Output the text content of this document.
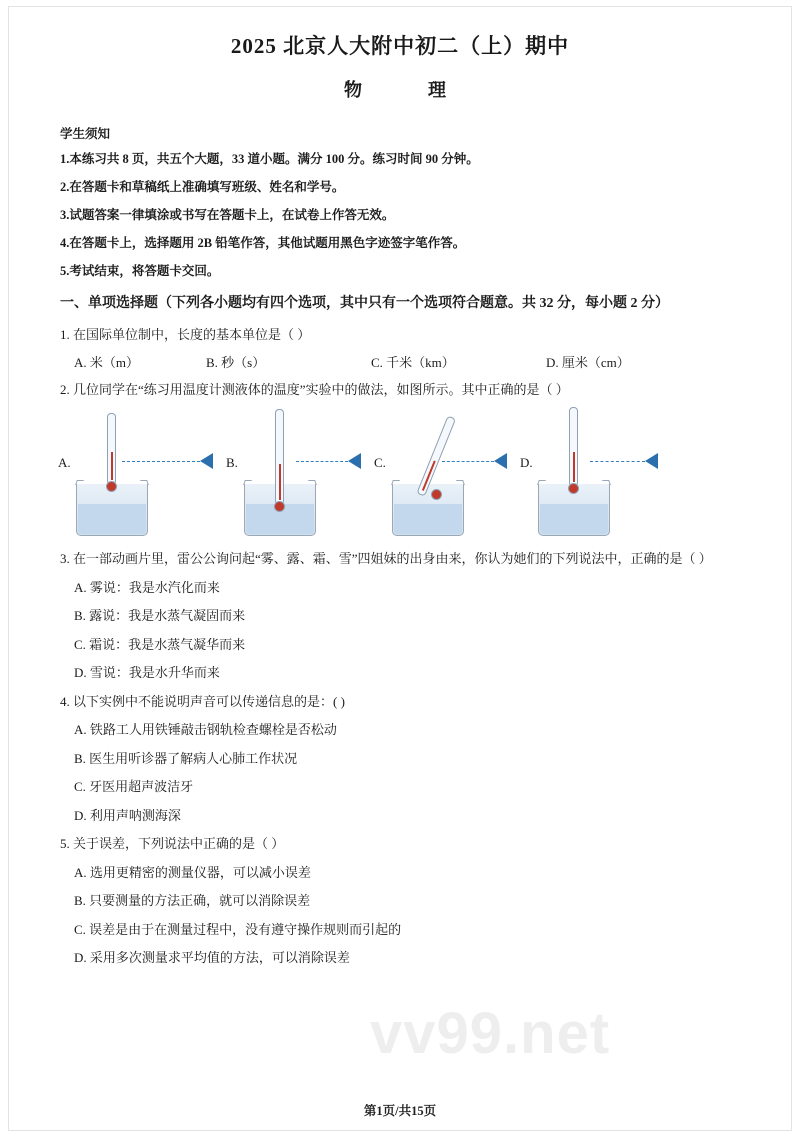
2025 北京人大附中初二（上）期中
物　　理
学生须知
1.本练习共 8 页，共五个大题，33 道小题。满分 100 分。练习时间 90 分钟。
2.在答题卡和草稿纸上准确填写班级、姓名和学号。
3.试题答案一律填涂或书写在答题卡上，在试卷上作答无效。
4.在答题卡上，选择题用 2B 铅笔作答，其他试题用黑色字迹签字笔作答。
5.考试结束，将答题卡交回。
一、单项选择题（下列各小题均有四个选项，其中只有一个选项符合题意。共 32 分，每小题 2 分）
1. 在国际单位制中，长度的基本单位是（ ）
A. 米（m）	B. 秒（s）	C. 千米（km）	D. 厘米（cm）
2. 几位同学在“练习用温度计测液体的温度”实验中的做法，如图所示。其中正确的是（ ）
A.	B.	C.	D.
3. 在一部动画片里，雷公公询问起“雾、露、霜、雪”四姐妹的出身由来，你认为她们的下列说法中，正确的是（ ）
A. 雾说：我是水汽化而来
B. 露说：我是水蒸气凝固而来
C. 霜说：我是水蒸气凝华而来
D. 雪说：我是水升华而来
4. 以下实例中不能说明声音可以传递信息的是：( )
A. 铁路工人用铁锤敲击钢轨检查螺栓是否松动
B. 医生用听诊器了解病人心肺工作状况
C. 牙医用超声波洁牙
D. 利用声呐测海深
5. 关于误差，下列说法中正确的是（ ）
A. 选用更精密的测量仪器，可以减小误差
B. 只要测量的方法正确，就可以消除误差
C. 误差是由于在测量过程中，没有遵守操作规则而引起的
D. 采用多次测量求平均值的方法，可以消除误差
vv99.net
第1页/共15页
